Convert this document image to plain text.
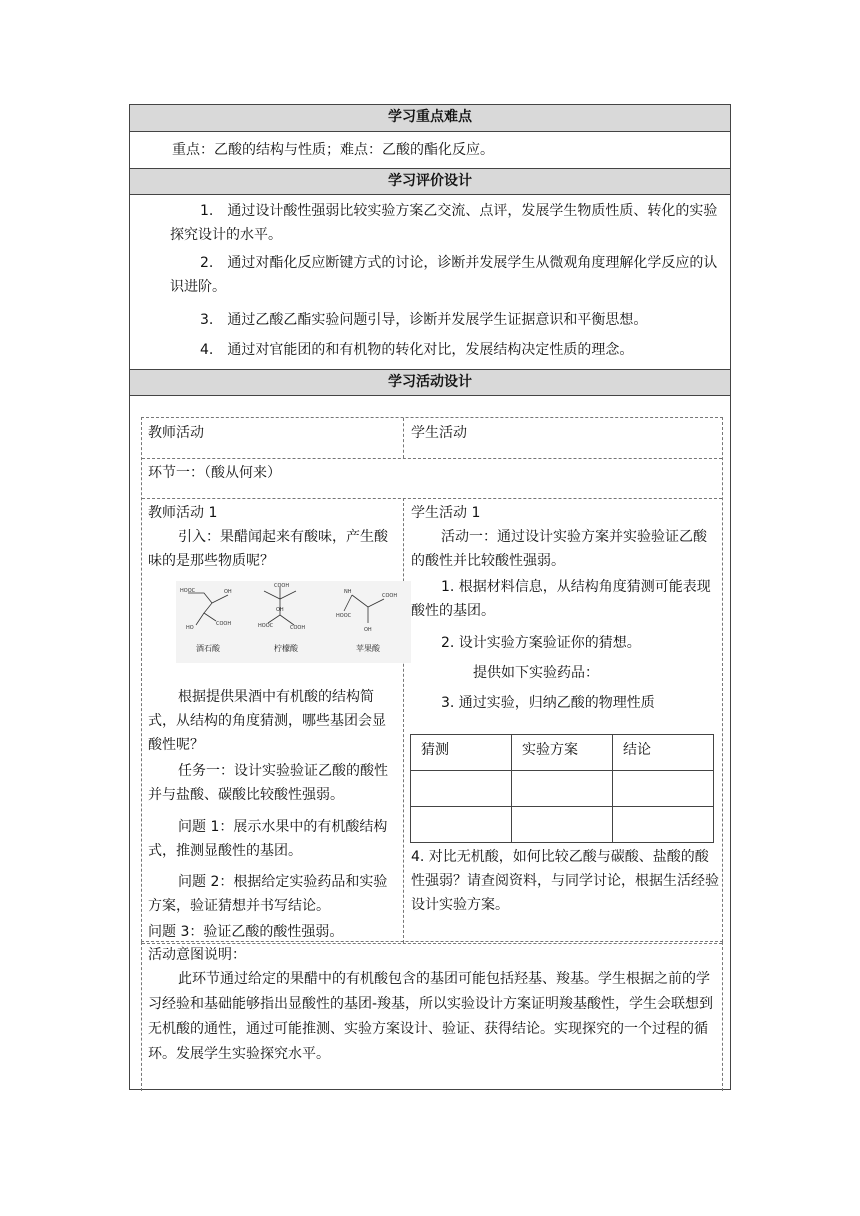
学习重点难点
重点：乙酸的结构与性质；难点：乙酸的酯化反应。
学习评价设计
1.　通过设计酸性强弱比较实验方案乙交流、点评，发展学生物质性质、转化的实验探究设计的水平。
2.　通过对酯化反应断键方式的讨论，诊断并发展学生从微观角度理解化学反应的认识进阶。
3.　通过乙酸乙酯实验问题引导，诊断并发展学生证据意识和平衡思想。
4.　通过对官能团的和有机物的转化对比，发展结构决定性质的理念。
学习活动设计
教师活动	学生活动
环节一：（酸从何来）
教师活动 1
引入：果醋闻起来有酸味，产生酸味的是那些物质呢？
根据提供果酒中有机酸的结构简式，从结构的角度猜测，哪些基团会显酸性呢？
任务一：设计实验验证乙酸的酸性并与盐酸、碳酸比较酸性强弱。
问题 1：展示水果中的有机酸结构式，推测显酸性的基团。
问题 2：根据给定实验药品和实验方案，验证猜想并书写结论。
问题 3：验证乙酸的酸性强弱。
学生活动 1
活动一：通过设计实验方案并实验验证乙酸的酸性并比较酸性强弱。
1. 根据材料信息，从结构角度猜测可能表现酸性的基团。
2. 设计实验方案验证你的猜想。
提供如下实验药品：
3. 通过实验，归纳乙酸的物理性质
猜测	实验方案	结论

4. 对比无机酸，如何比较乙酸与碳酸、盐酸的酸性强弱？请查阅资料，与同学讨论，根据生活经验设计实验方案。
HOOC	OH
HO
COOH
COOH
HOOC	COOH
OH
NH
COOH
OH
HOOC
酒石酸	柠檬酸	苹果酸
活动意图说明：
此环节通过给定的果醋中的有机酸包含的基团可能包括羟基、羧基。学生根据之前的学习经验和基础能够指出显酸性的基团-羧基，所以实验设计方案证明羧基酸性，学生会联想到无机酸的通性，通过可能推测、实验方案设计、验证、获得结论。实现探究的一个过程的循环。发展学生实验探究水平。
